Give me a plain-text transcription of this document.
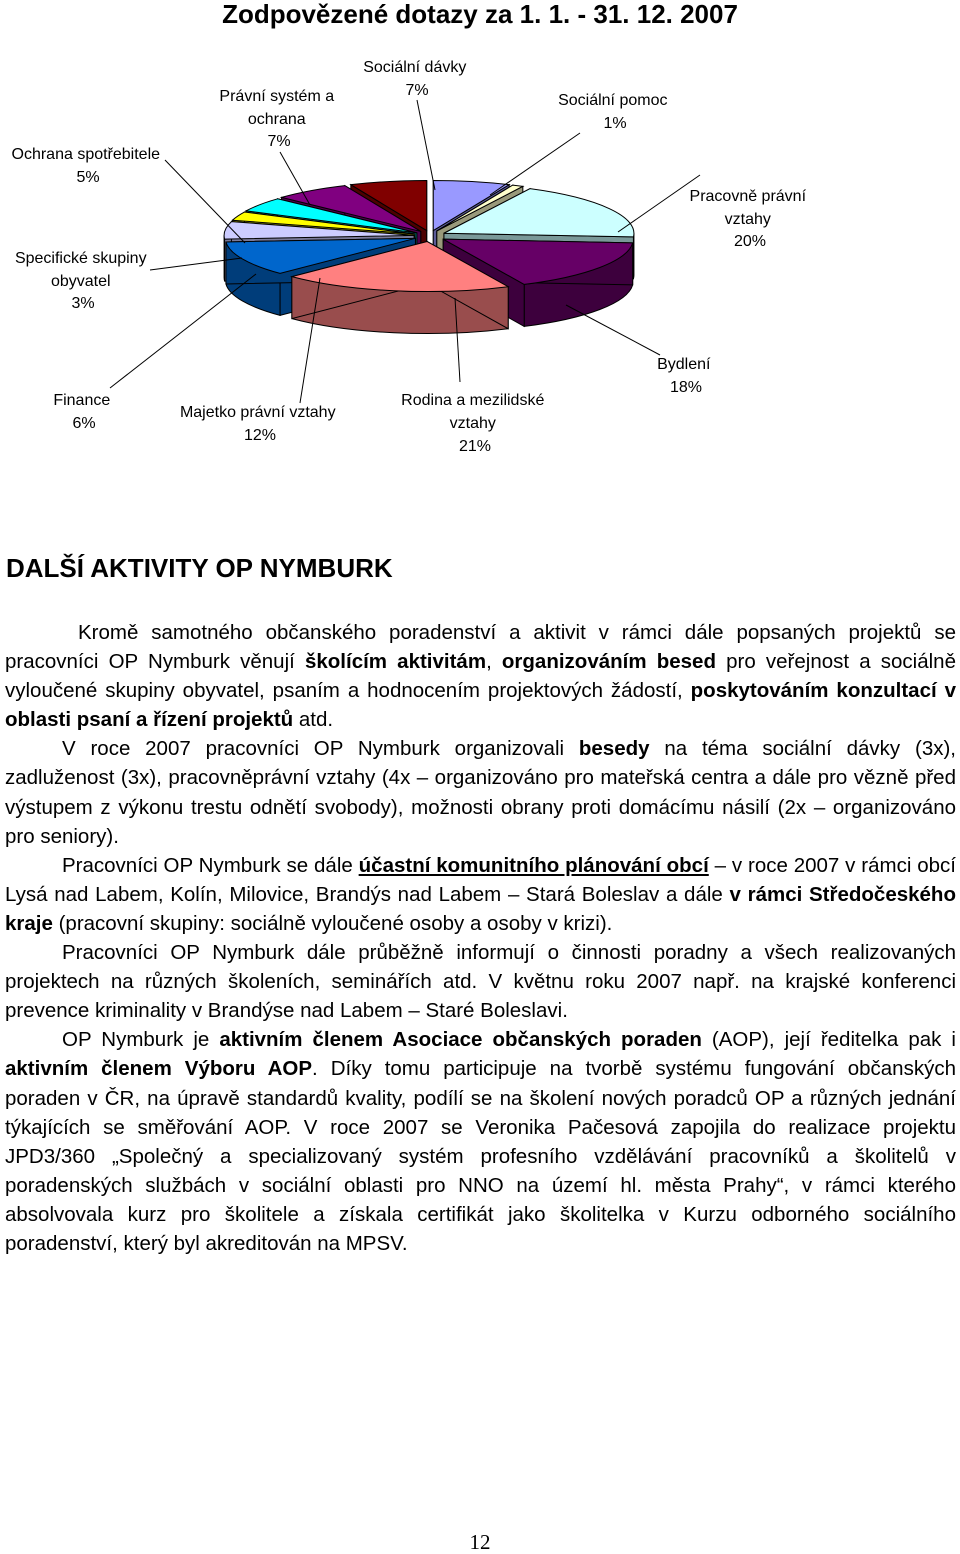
Zodpovězené dotazy za 1. 1. - 31. 12. 2007
Sociální dávky 7%
Sociální pomoc 1%
Pracovně právní vztahy 20%
Bydlení 18%
Rodina a mezilidské vztahy 21%
Majetko právní vztahy 12%
Finance 6%
Specifické skupiny obyvatel 3%
Ochrana spotřebitele 5%
Právní systém a ochrana 7%
DALŠÍ AKTIVITY OP NYMBURK

Kromě samotného občanského poradenství a aktivit v rámci dále popsaných projektů se pracovníci OP Nymburk věnují školícím aktivitám, organizováním besed pro veřejnost a sociálně vyloučené skupiny obyvatel, psaním a hodnocením projektových žádostí, poskytováním konzultací v oblasti psaní a řízení projektů atd.

V roce 2007 pracovníci OP Nymburk organizovali besedy na téma sociální dávky (3x), zadluženost (3x), pracovněprávní vztahy (4x – organizováno pro mateřská centra a dále pro vězně před výstupem z výkonu trestu odnětí svobody), možnosti obrany proti domácímu násilí (2x – organizováno pro seniory).

Pracovníci OP Nymburk se dále účastní komunitního plánování obcí – v roce 2007 v rámci obcí Lysá nad Labem, Kolín, Milovice, Brandýs nad Labem – Stará Boleslav a dále v rámci Středočeského kraje (pracovní skupiny: sociálně vyloučené osoby a osoby v krizi).

Pracovníci OP Nymburk dále průběžně informují o činnosti poradny a všech realizovaných projektech na různých školeních, seminářích atd. V květnu roku 2007 např. na krajské konferenci prevence kriminality v Brandýse nad Labem – Staré Boleslavi.

OP Nymburk je aktivním členem Asociace občanských poraden (AOP), její ředitelka pak i aktivním členem Výboru AOP. Díky tomu participuje na tvorbě systému fungování občanských poraden v ČR, na úpravě standardů kvality, podílí se na školení nových poradců OP a různých jednání týkajících se směřování AOP. V roce 2007 se Veronika Pačesová zapojila do realizace projektu JPD3/360 „Společný a specializovaný systém profesního vzdělávání pracovníků a školitelů v poradenských službách v sociální oblasti pro NNO na území hl. města Prahy“, v rámci kterého absolvovala kurz pro školitele a získala certifikát jako školitelka v Kurzu odborného sociálního poradenství, který byl akreditován na MPSV.

12
